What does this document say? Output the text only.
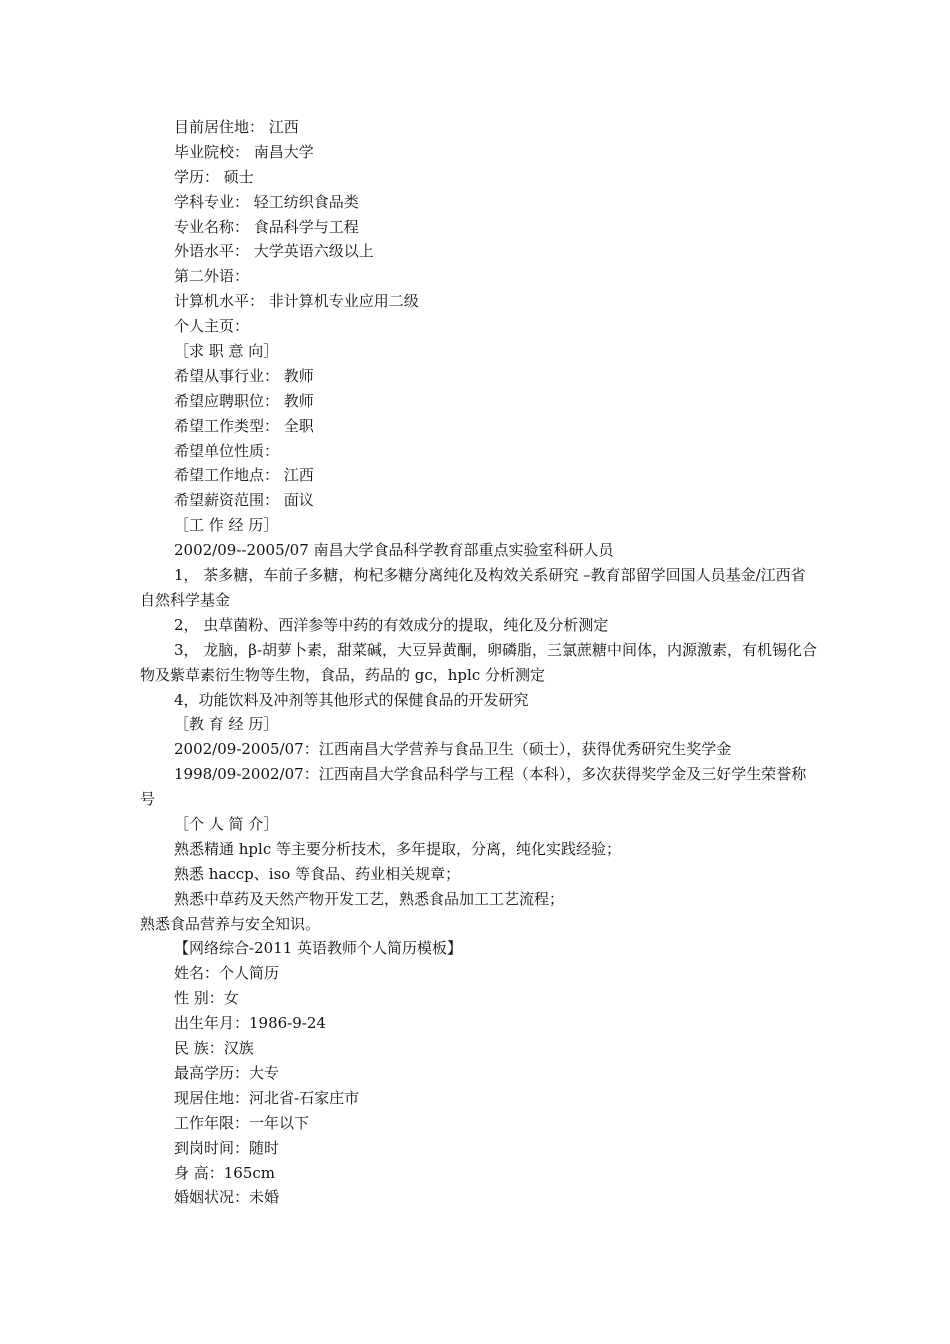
目前居住地： 江西
毕业院校： 南昌大学
学历： 硕士
学科专业： 轻工纺织食品类
专业名称： 食品科学与工程
外语水平： 大学英语六级以上
第二外语：
计算机水平： 非计算机专业应用二级
个人主页：
［求 职 意 向］
希望从事行业： 教师
希望应聘职位： 教师
希望工作类型： 全职
希望单位性质：
希望工作地点： 江西
希望薪资范围： 面议
［工 作 经 历］
2002/09--2005/07 南昌大学食品科学教育部重点实验室科研人员
1， 茶多糖，车前子多糖，枸杞多糖分离纯化及构效关系研究 –教育部留学回国人员基金/江西省自然科学基金
2， 虫草菌粉、西洋参等中药的有效成分的提取，纯化及分析测定
3， 龙脑，β-胡萝卜素，甜菜碱，大豆异黄酮，卵磷脂，三氯蔗糖中间体，内源激素，有机锡化合物及紫草素衍生物等生物，食品，药品的 gc，hplc 分析测定
4，功能饮料及冲剂等其他形式的保健食品的开发研究
［教 育 经 历］
2002/09-2005/07：江西南昌大学营养与食品卫生（硕士），获得优秀研究生奖学金
1998/09-2002/07：江西南昌大学食品科学与工程（本科），多次获得奖学金及三好学生荣誉称号
［个 人 简 介］
熟悉精通 hplc 等主要分析技术，多年提取，分离，纯化实践经验；
熟悉 haccp、iso 等食品、药业相关规章；
熟悉中草药及天然产物开发工艺，熟悉食品加工工艺流程；
熟悉食品营养与安全知识。
【网络综合-2011 英语教师个人简历模板】
姓名：个人简历
性 别：女
出生年月：1986-9-24
民 族：汉族
最高学历：大专
现居住地：河北省-石家庄市
工作年限：一年以下
到岗时间：随时
身 高：165cm
婚姻状况：未婚
